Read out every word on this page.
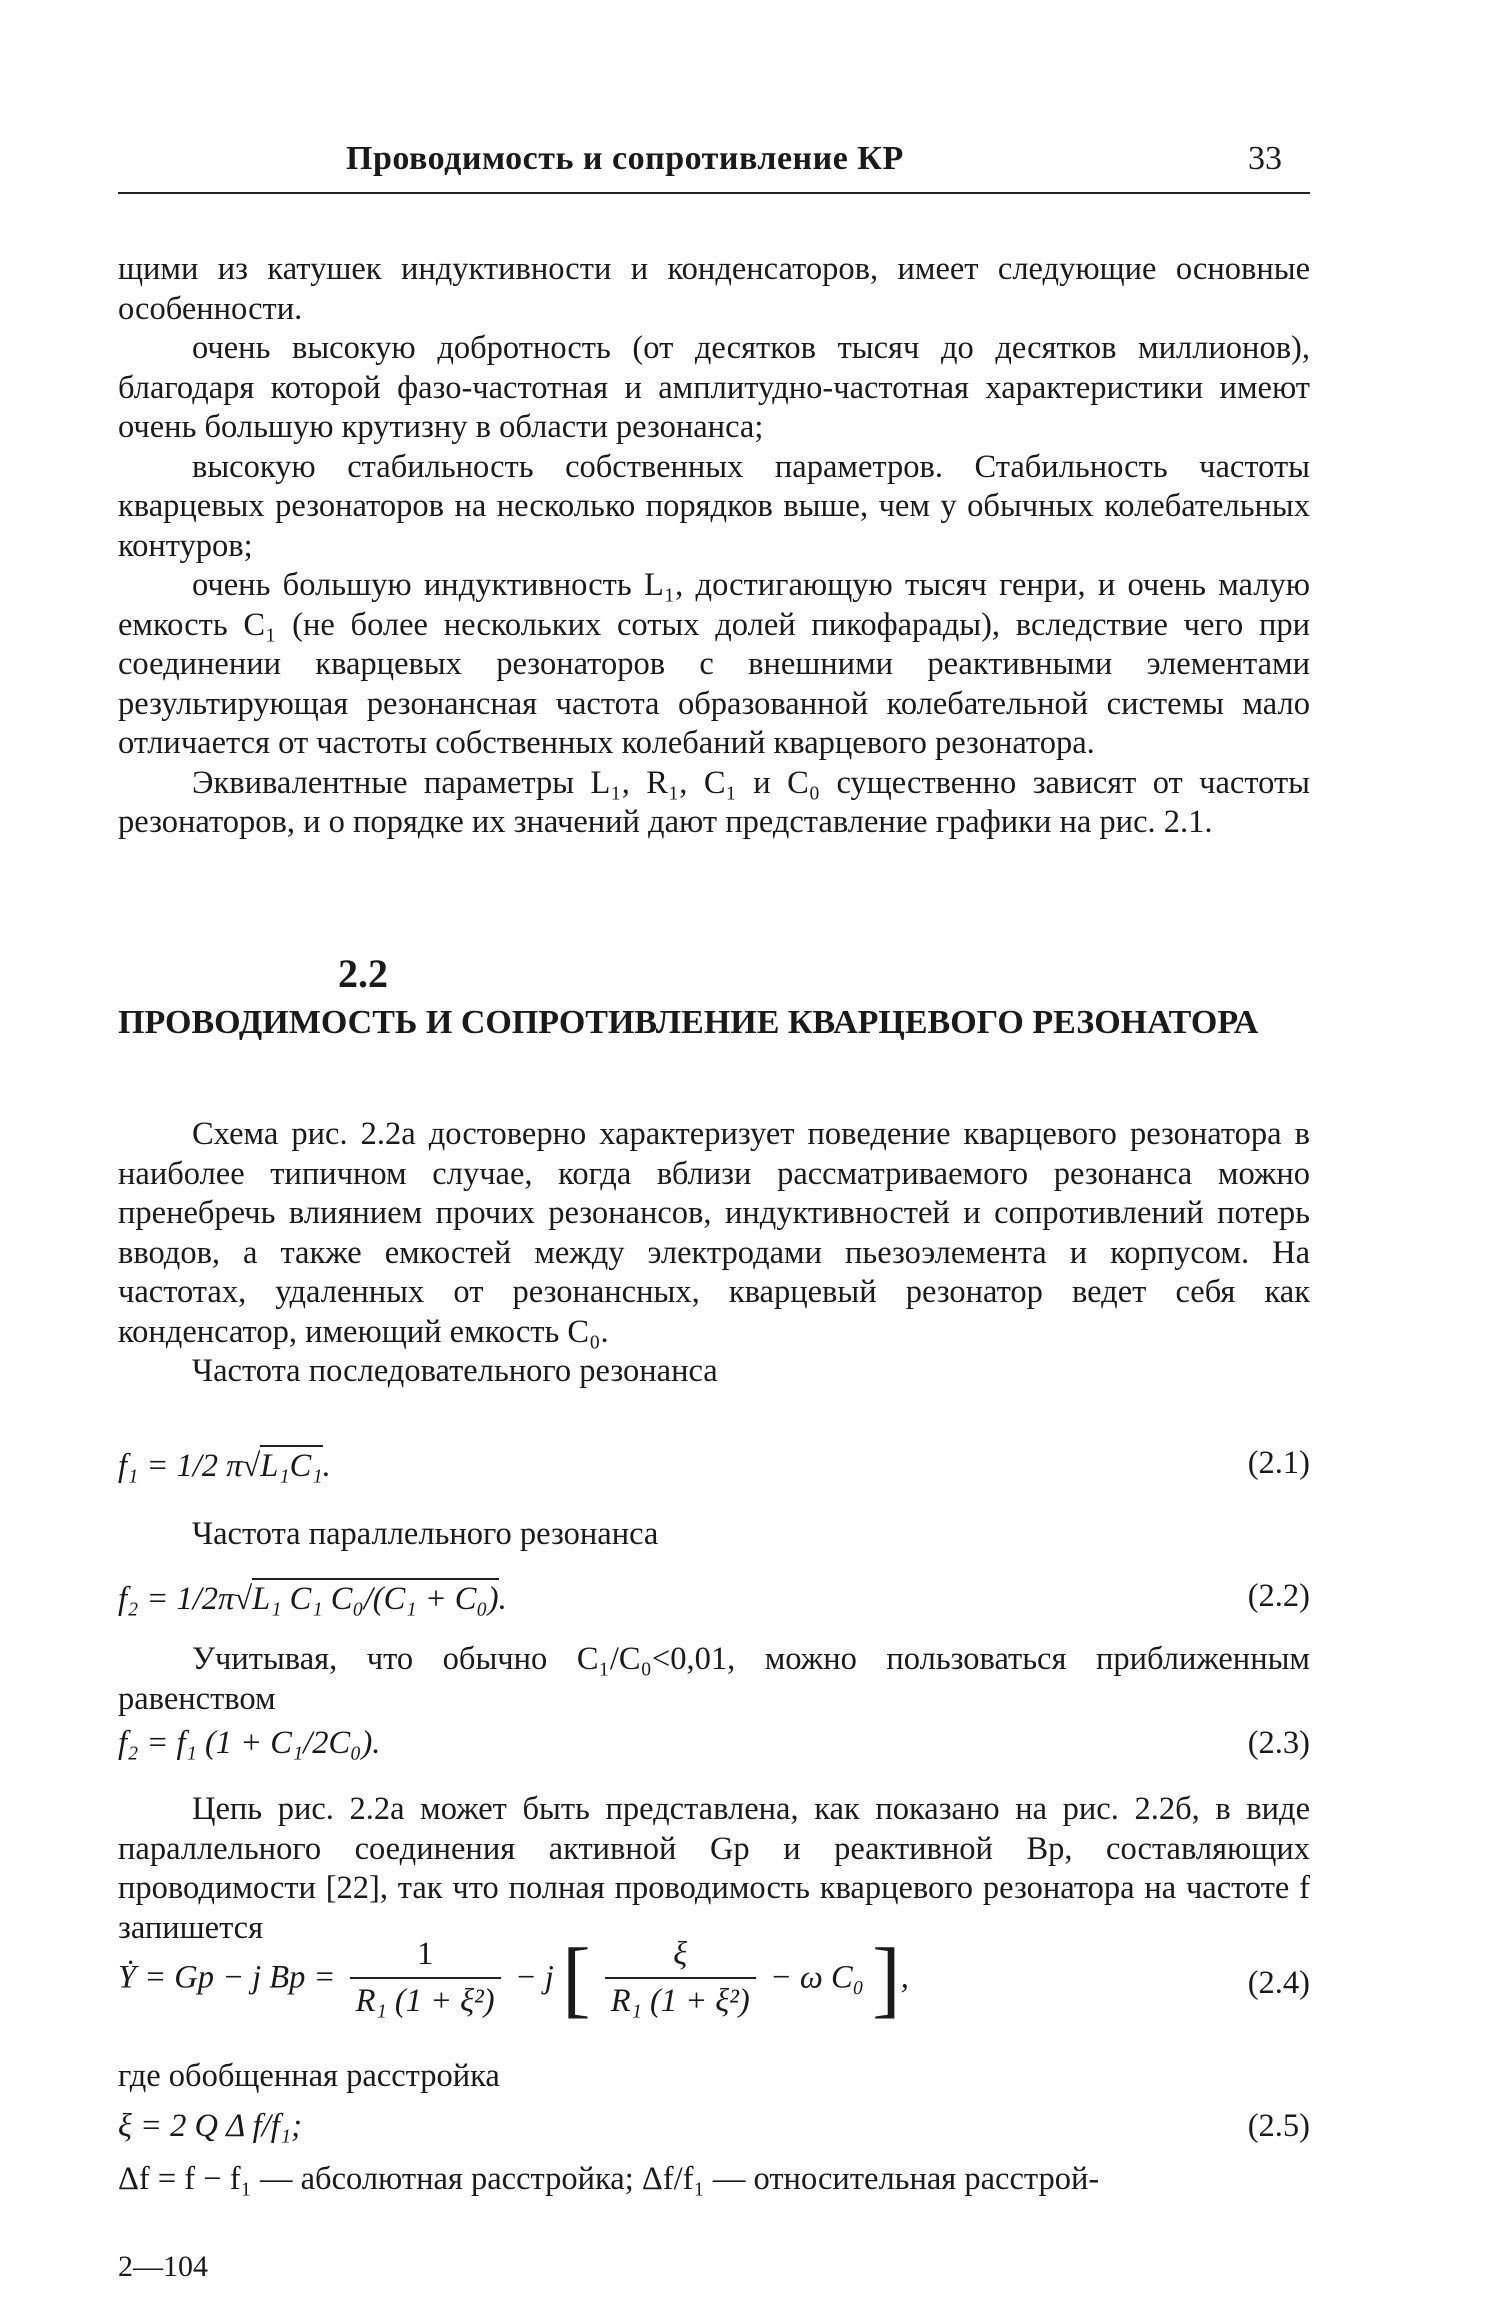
Проводимость и сопротивление КР	33

щими из катушек индуктивности и конденсаторов, имеет следующие основные особенности.

очень высокую добротность (от десятков тысяч до десятков миллионов), благодаря которой фазо-частотная и амплитудно-частотная характеристики имеют очень большую крутизну в области резонанса;

высокую стабильность собственных параметров. Стабильность частоты кварцевых резонаторов на несколько порядков выше, чем у обычных колебательных контуров;

очень большую индуктивность L₁, достигающую тысяч генри, и очень малую емкость C₁ (не более нескольких сотых долей пикофарады), вследствие чего при соединении кварцевых резонаторов с внешними реактивными элементами результирующая резонансная частота образованной колебательной системы мало отличается от частоты собственных колебаний кварцевого резонатора.

Эквивалентные параметры L₁, R₁, C₁ и C₀ существенно зависят от частоты резонаторов, и о порядке их значений дают представление графики на рис. 2.1.

2.2
ПРОВОДИМОСТЬ И СОПРОТИВЛЕНИЕ КВАРЦЕВОГО РЕЗОНАТОРА

Схема рис. 2.2а достоверно характеризует поведение кварцевого резонатора в наиболее типичном случае, когда вблизи рассматриваемого резонанса можно пренебречь влиянием прочих резонансов, индуктивностей и сопротивлений потерь вводов, а также емкостей между электродами пьезоэлемента и корпусом. На частотах, удаленных от резонансных, кварцевый резонатор ведет себя как конденсатор, имеющий емкость C₀.

Частота последовательного резонанса

f₁ = 1/2 π√L₁C₁.	(2.1)

Частота параллельного резонанса

f₂ = 1/2π√L₁ C₁ C₀/(C₁ + C₀).	(2.2)

Учитывая, что обычно C₁/C₀<0,01, можно пользоваться приближенным равенством

f₂ = f₁ (1 + C₁/2C₀).	(2.3)

Цепь рис. 2.2а может быть представлена, как показано на рис. 2.2б, в виде параллельного соединения активной Gр и реактивной Bр, составляющих проводимости [22], так что полная проводимость кварцевого резонатора на частоте f запишется

Ẏ = Gр − j Bр = $\frac{1}{\text{R₁ (1 + ξ²)}} - j$ [ $\frac{\xi}{\text{R₁ (1 + ξ²)}} - \omega$ C₀ ],	(2.4)

где обобщенная расстройка

ξ = 2 Q Δ f/f₁;	(2.5)

Δf = f − f₁ — абсолютная расстройка; Δf/f₁ — относительная расстрой-

2—104
